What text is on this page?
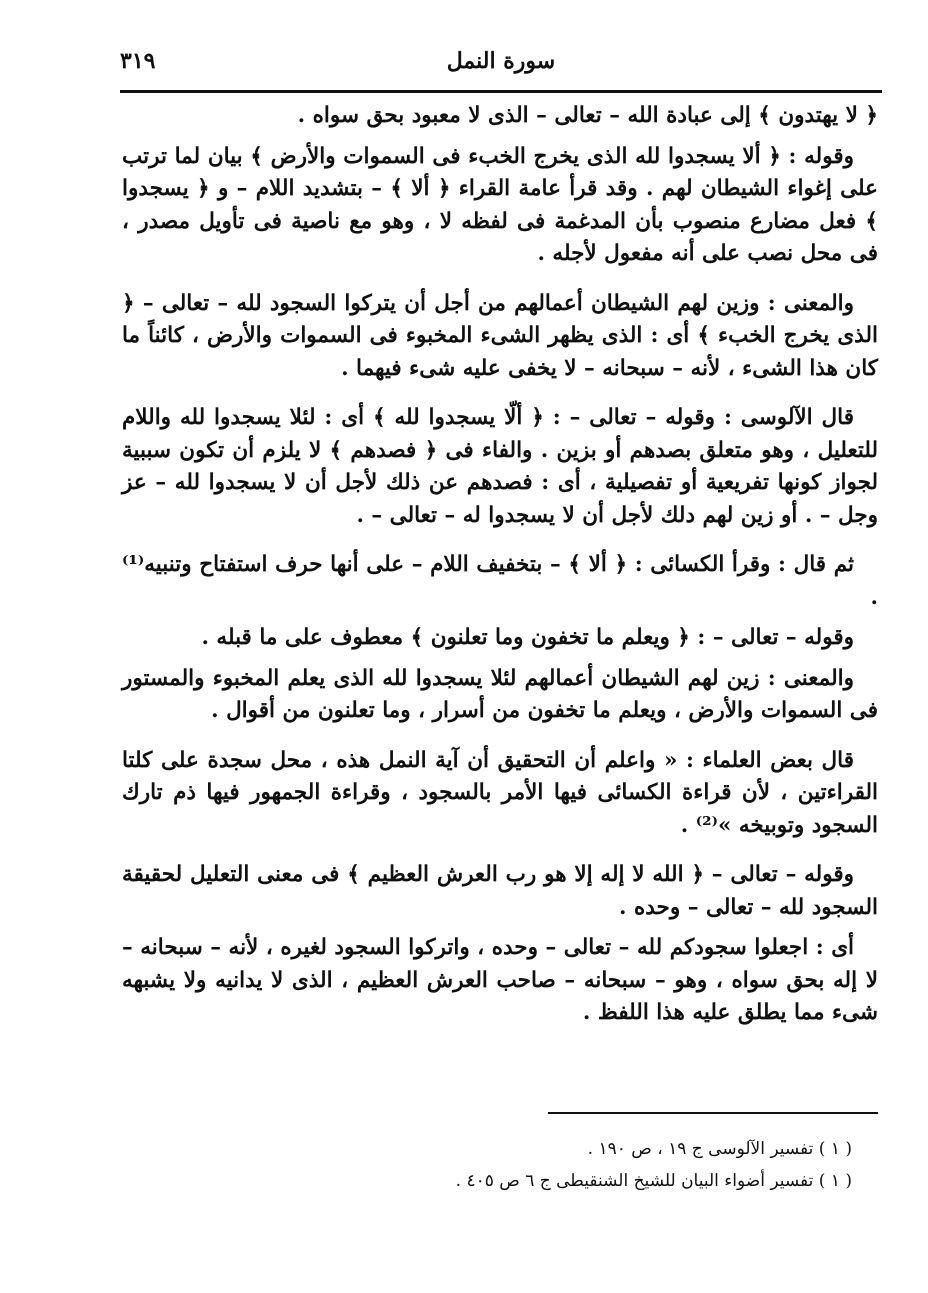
٣١٩	سورة النمل

﴿ لا يهتدون ﴾ إلى عبادة الله – تعالى – الذى لا معبود بحق سواه .

وقوله : ﴿ ألا يسجدوا لله الذى يخرج الخبء فى السموات والأرض ﴾ بيان لما ترتب على إغواء الشيطان لهم . وقد قرأ عامة القراء ﴿ ألا ﴾ – بتشديد اللام – و ﴿ يسجدوا ﴾ فعل مضارع منصوب بأن المدغمة فى لفظه لا ، وهو مع ناصية فى تأويل مصدر ، فى محل نصب على أنه مفعول لأجله .

والمعنى : وزين لهم الشيطان أعمالهم من أجل أن يتركوا السجود لله – تعالى – ﴿ الذى يخرج الخبء ﴾ أى : الذى يظهر الشىء المخبوء فى السموات والأرض ، كائناً ما كان هذا الشىء ، لأنه – سبحانه – لا يخفى عليه شىء فيهما .

قال الآلوسى : وقوله – تعالى – : ﴿ ألّا يسجدوا لله ﴾ أى : لئلا يسجدوا لله واللام للتعليل ، وهو متعلق بصدهم أو بزين . والفاء فى ﴿ فصدهم ﴾ لا يلزم أن تكون سببية لجواز كونها تفريعية أو تفصيلية ، أى : فصدهم عن ذلك لأجل أن لا يسجدوا لله – عز وجل – . أو زين لهم دلك لأجل أن لا يسجدوا له – تعالى – .

ثم قال : وقرأ الكسائى : ﴿ ألا ﴾ – بتخفيف اللام – على أنها حرف استفتاح وتنبيه⁽¹⁾ .

وقوله – تعالى – : ﴿ ويعلم ما تخفون وما تعلنون ﴾ معطوف على ما قبله .

والمعنى : زين لهم الشيطان أعمالهم لئلا يسجدوا لله الذى يعلم المخبوء والمستور فى السموات والأرض ، ويعلم ما تخفون من أسرار ، وما تعلنون من أقوال .

قال بعض العلماء : « واعلم أن التحقيق أن آية النمل هذه ، محل سجدة على كلتا القراءتين ، لأن قراءة الكسائى فيها الأمر بالسجود ، وقراءة الجمهور فيها ذم تارك السجود وتوبيخه »⁽²⁾ .

وقوله – تعالى – ﴿ الله لا إله إلا هو رب العرش العظيم ﴾ فى معنى التعليل لحقيقة السجود لله – تعالى – وحده .

أى : اجعلوا سجودكم لله – تعالى – وحده ، واتركوا السجود لغيره ، لأنه – سبحانه – لا إله بحق سواه ، وهو – سبحانه – صاحب العرش العظيم ، الذى لا يدانيه ولا يشبهه شىء مما يطلق عليه هذا اللفظ .

( ١ ) تفسير الآلوسى ج ١٩ ، ص ١٩٠ .

( ١ ) تفسير أضواء البيان للشيخ الشنقيطى ج ٦ ص ٤٠٥ .
